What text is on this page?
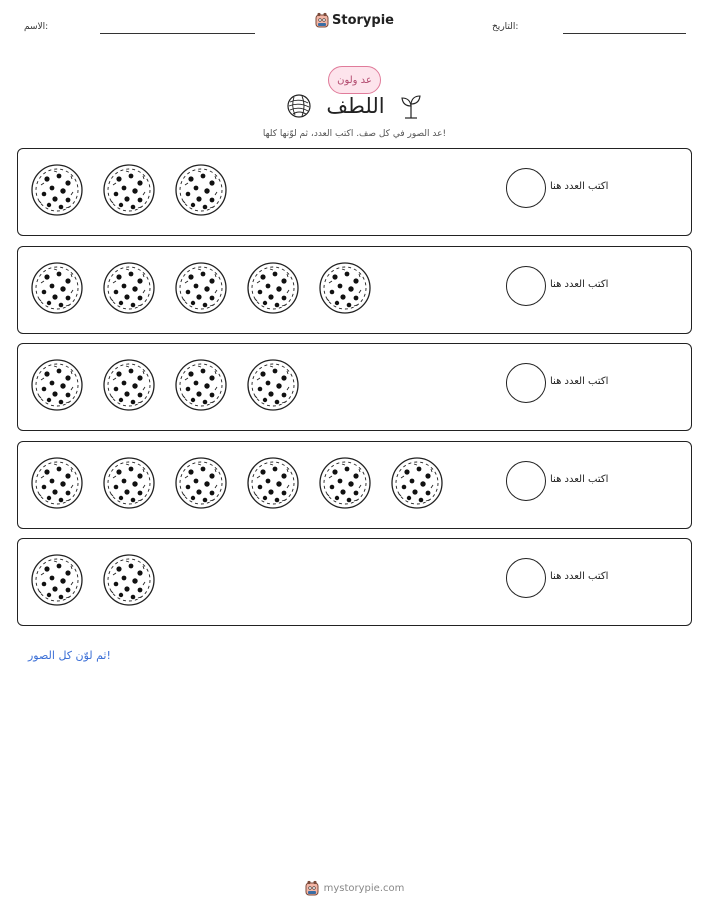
الاسم:	التاريخ:
Storypie
عد ولون
اللطف
عد الصور في كل صف. اكتب العدد، ثم لوّنها كلها!
اكتب العدد هنا
اكتب العدد هنا
اكتب العدد هنا
اكتب العدد هنا
اكتب العدد هنا
ثم لوّن كل الصور!
mystorypie.com
